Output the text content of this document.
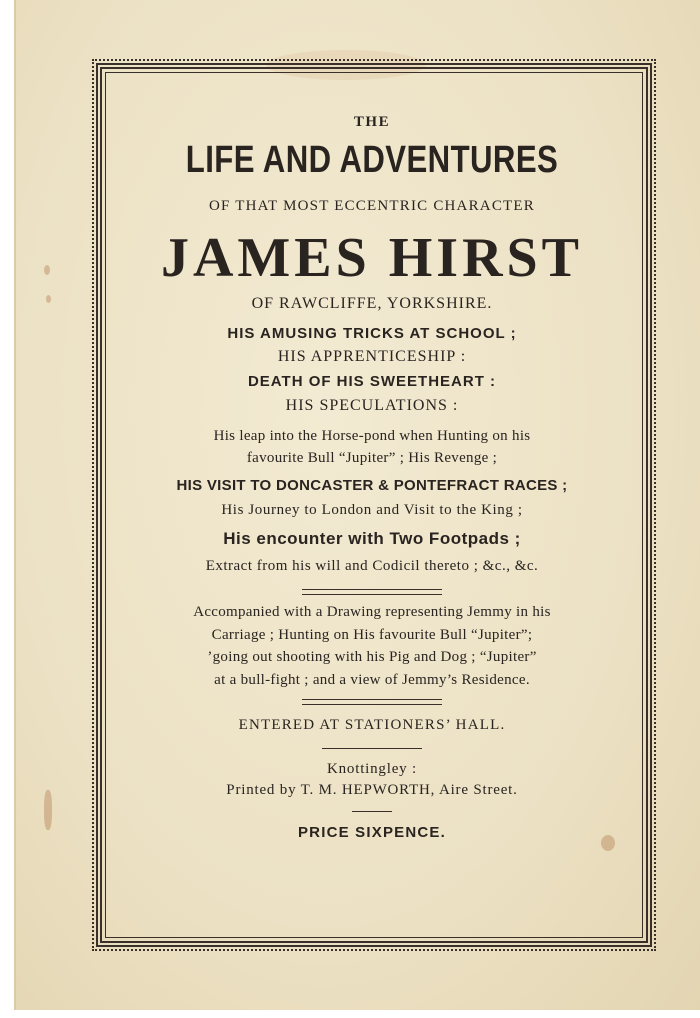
THE
LIFE AND ADVENTURES
OF THAT MOST ECCENTRIC CHARACTER
JAMES HIRST
OF RAWCLIFFE, YORKSHIRE.
HIS AMUSING TRICKS AT SCHOOL ;
HIS APPRENTICESHIP :
DEATH OF HIS SWEETHEART :
HIS SPECULATIONS :
His leap into the Horse-pond when Hunting on his
favourite Bull “Jupiter” ; His Revenge ;
HIS VISIT TO DONCASTER & PONTEFRACT RACES ;
His Journey to London and Visit to the King ;
His encounter with Two Footpads ;
Extract from his will and Codicil thereto ; &c., &c.
Accompanied with a Drawing representing Jemmy in his
Carriage ; Hunting on His favourite Bull “Jupiter”;
’going out shooting with his Pig and Dog ; “Jupiter”
at a bull-fight ; and a view of Jemmy’s Residence.
ENTERED AT STATIONERS’ HALL.
Knottingley :
Printed by T. M. HEPWORTH, Aire Street.
PRICE SIXPENCE.
